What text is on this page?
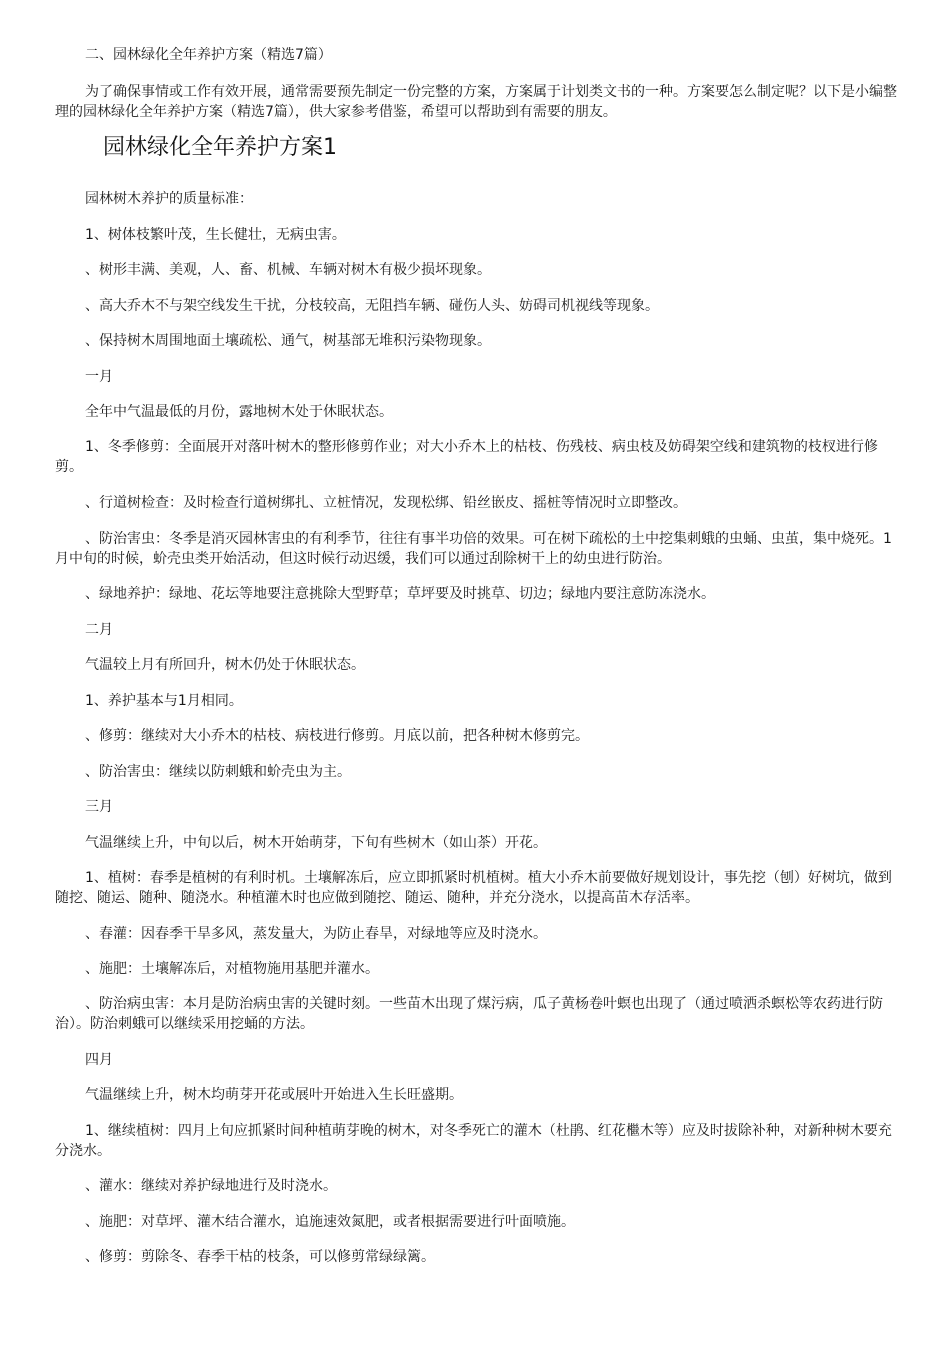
二、园林绿化全年养护方案（精选7篇）

为了确保事情或工作有效开展，通常需要预先制定一份完整的方案，方案属于计划类文书的一种。方案要怎么制定呢？以下是小编整理的园林绿化全年养护方案（精选7篇），供大家参考借鉴，希望可以帮助到有需要的朋友。

园林绿化全年养护方案1

园林树木养护的质量标准：

1、树体枝繁叶茂，生长健壮，无病虫害。

、树形丰满、美观，人、畜、机械、车辆对树木有极少损坏现象。

、高大乔木不与架空线发生干扰，分枝较高，无阻挡车辆、碰伤人头、妨碍司机视线等现象。

、保持树木周围地面土壤疏松、通气，树基部无堆积污染物现象。

一月

全年中气温最低的月份，露地树木处于休眠状态。

1、冬季修剪：全面展开对落叶树木的整形修剪作业；对大小乔木上的枯枝、伤残枝、病虫枝及妨碍架空线和建筑物的枝杈进行修剪。

、行道树检查：及时检查行道树绑扎、立桩情况，发现松绑、铅丝嵌皮、摇桩等情况时立即整改。

、防治害虫：冬季是消灭园林害虫的有利季节，往往有事半功倍的效果。可在树下疏松的土中挖集刺蛾的虫蛹、虫茧，集中烧死。1月中旬的时候，蚧壳虫类开始活动，但这时候行动迟缓，我们可以通过刮除树干上的幼虫进行防治。

、绿地养护：绿地、花坛等地要注意挑除大型野草；草坪要及时挑草、切边；绿地内要注意防冻浇水。

二月

气温较上月有所回升，树木仍处于休眠状态。

1、养护基本与1月相同。

、修剪：继续对大小乔木的枯枝、病枝进行修剪。月底以前，把各种树木修剪完。

、防治害虫：继续以防刺蛾和蚧壳虫为主。

三月

气温继续上升，中旬以后，树木开始萌芽，下旬有些树木（如山茶）开花。

1、植树：春季是植树的有利时机。土壤解冻后，应立即抓紧时机植树。植大小乔木前要做好规划设计，事先挖（刨）好树坑，做到随挖、随运、随种、随浇水。种植灌木时也应做到随挖、随运、随种，并充分浇水，以提高苗木存活率。

、春灌：因春季干旱多风，蒸发量大，为防止春旱，对绿地等应及时浇水。

、施肥：土壤解冻后，对植物施用基肥并灌水。

、防治病虫害：本月是防治病虫害的关键时刻。一些苗木出现了煤污病，瓜子黄杨卷叶螟也出现了（通过喷洒杀螟松等农药进行防治）。防治刺蛾可以继续采用挖蛹的方法。

四月

气温继续上升，树木均萌芽开花或展叶开始进入生长旺盛期。

1、继续植树：四月上旬应抓紧时间种植萌芽晚的树木，对冬季死亡的灌木（杜鹃、红花檵木等）应及时拔除补种，对新种树木要充分浇水。

、灌水：继续对养护绿地进行及时浇水。

、施肥：对草坪、灌木结合灌水，追施速效氮肥，或者根据需要进行叶面喷施。

、修剪：剪除冬、春季干枯的枝条，可以修剪常绿绿篱。
